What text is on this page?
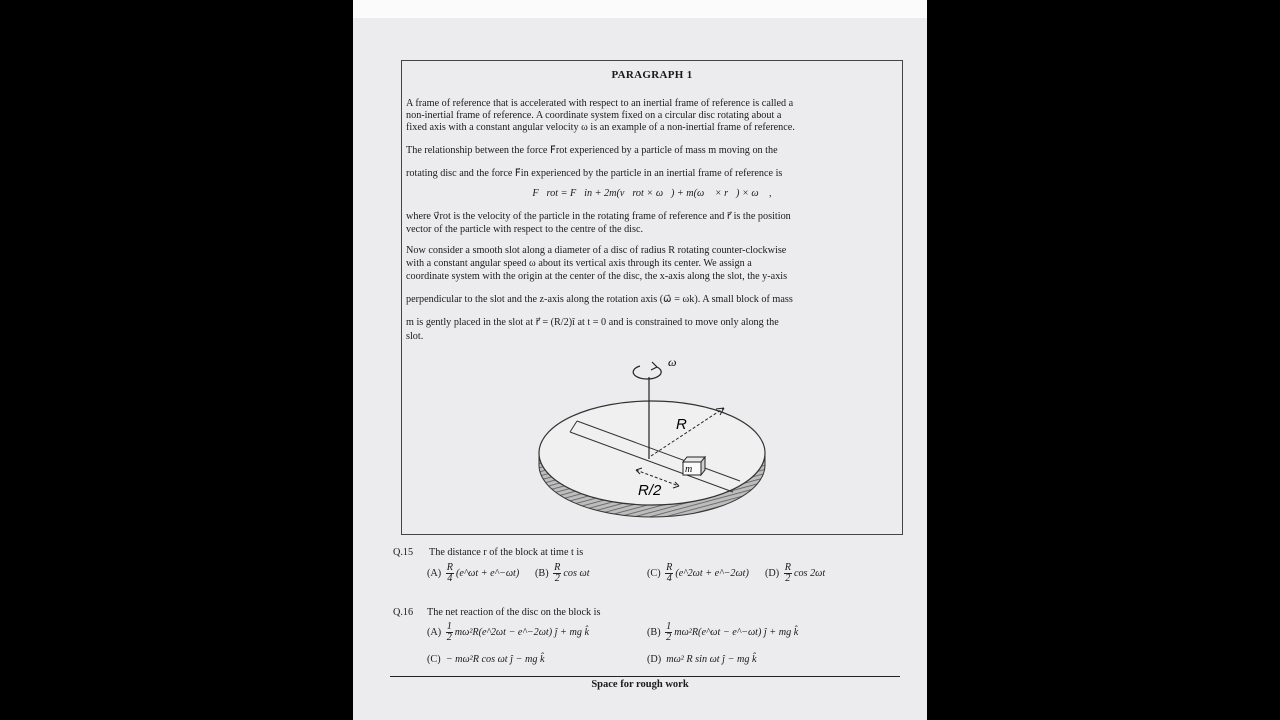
PARAGRAPH 1
A frame of reference that is accelerated with respect to an inertial frame of reference is called a
non-inertial frame of reference. A coordinate system fixed on a circular disc rotating about a
fixed axis with a constant angular velocity ω is an example of a non-inertial frame of reference.
The relationship between the force F⃗rot experienced by a particle of mass m moving on the
rotating disc and the force F⃗in experienced by the particle in an inertial frame of reference is
F⃗rot = F⃗in + 2m(v⃗rot × ω⃗) + m(ω⃗ × r⃗) × ω⃗ ,
where v⃗rot is the velocity of the particle in the rotating frame of reference and r⃗ is the position
vector of the particle with respect to the centre of the disc.
Now consider a smooth slot along a diameter of a disc of radius R rotating counter-clockwise
with a constant angular speed ω about its vertical axis through its center. We assign a
coordinate system with the origin at the center of the disc, the x-axis along the slot, the y-axis
perpendicular to the slot and the z-axis along the rotation axis (ω⃗ = ωk̂). A small block of mass
m is gently placed in the slot at r⃗ = (R/2)î at t = 0 and is constrained to move only along the
slot.
ω
R
R/2
m
Q.15 The distance r of the block at time t is
$(A) \frac{R}{4}$ (e^ωt + e^−ωt) $(B) \frac{R}{2}$ cos ωt	$(C) \frac{R}{4}$ (e^2ωt + e^−2ωt) $(D) \frac{R}{2}$ cos 2ωt
Q.16 The net reaction of the disc on the block is
$(A) \frac{1}{2}$ mω²R(e^2ωt − e^−2ωt) ĵ + mg k̂	$(B) \frac{1}{2}$ mω²R(e^ωt − e^−ωt) ĵ + mg k̂
(C) − mω²R cos ωt ĵ − mg k̂	(D) mω² R sin ωt ĵ − mg k̂
Space for rough work
